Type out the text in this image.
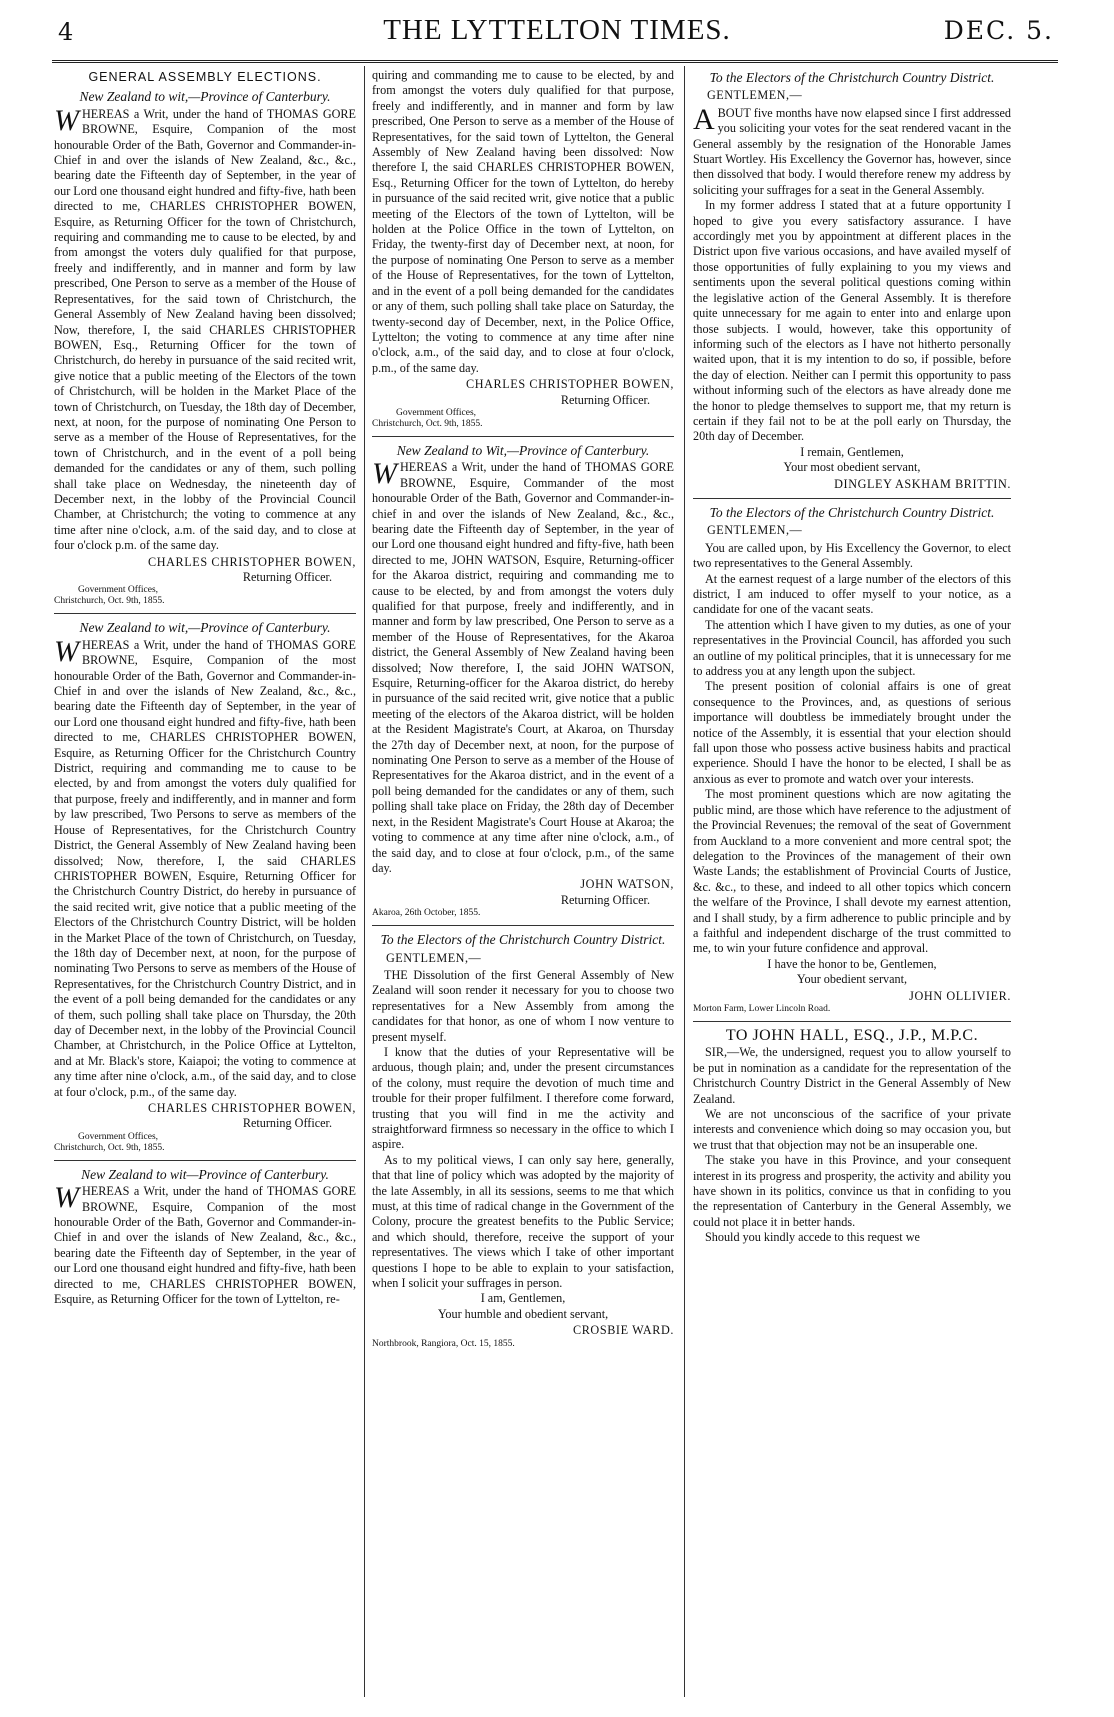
4	THE LYTTELTON TIMES.	DEC. 5.
GENERAL ASSEMBLY ELECTIONS.
New Zealand to wit,—Province of Canterbury.

WHEREAS a Writ, under the hand of THOMAS GORE BROWNE, Esquire, Companion of the most honourable Order of the Bath, Governor and Commander-in-Chief in and over the islands of New Zealand, &c., &c., bearing date the Fifteenth day of September, in the year of our Lord one thousand eight hundred and fifty-five, hath been directed to me, CHARLES CHRISTOPHER BOWEN, Esquire, as Returning Officer for the town of Christchurch, requiring and commanding me to cause to be elected, by and from amongst the voters duly qualified for that purpose, freely and indifferently, and in manner and form by law prescribed, One Person to serve as a member of the House of Representatives, for the said town of Christchurch, the General Assembly of New Zealand having been dissolved; Now, therefore, I, the said CHARLES CHRISTOPHER BOWEN, Esq., Returning Officer for the town of Christchurch, do hereby in pursuance of the said recited writ, give notice that a public meeting of the Electors of the town of Christchurch, will be holden in the Market Place of the town of Christchurch, on Tuesday, the 18th day of December, next, at noon, for the purpose of nominating One Person to serve as a member of the House of Representatives, for the town of Christchurch, and in the event of a poll being demanded for the candidates or any of them, such polling shall take place on Wednesday, the nineteenth day of December next, in the lobby of the Provincial Council Chamber, at Christchurch; the voting to commence at any time after nine o'clock, a.m. of the said day, and to close at four o'clock p.m. of the same day.

CHARLES CHRISTOPHER BOWEN,

Returning Officer.

Government Offices,

Christchurch, Oct. 9th, 1855.

New Zealand to wit,—Province of Canterbury.

WHEREAS a Writ, under the hand of THOMAS GORE BROWNE, Esquire, Companion of the most honourable Order of the Bath, Governor and Commander-in-Chief in and over the islands of New Zealand, &c., &c., bearing date the Fifteenth day of September, in the year of our Lord one thousand eight hundred and fifty-five, hath been directed to me, CHARLES CHRISTOPHER BOWEN, Esquire, as Returning Officer for the Christchurch Country District, requiring and commanding me to cause to be elected, by and from amongst the voters duly qualified for that purpose, freely and indifferently, and in manner and form by law prescribed, Two Persons to serve as members of the House of Representatives, for the Christchurch Country District, the General Assembly of New Zealand having been dissolved; Now, therefore, I, the said CHARLES CHRISTOPHER BOWEN, Esquire, Returning Officer for the Christchurch Country District, do hereby in pursuance of the said recited writ, give notice that a public meeting of the Electors of the Christchurch Country District, will be holden in the Market Place of the town of Christchurch, on Tuesday, the 18th day of December next, at noon, for the purpose of nominating Two Persons to serve as members of the House of Representatives, for the Christchurch Country District, and in the event of a poll being demanded for the candidates or any of them, such polling shall take place on Thursday, the 20th day of December next, in the lobby of the Provincial Council Chamber, at Christchurch, in the Police Office at Lyttelton, and at Mr. Black's store, Kaiapoi; the voting to commence at any time after nine o'clock, a.m., of the said day, and to close at four o'clock, p.m., of the same day.

CHARLES CHRISTOPHER BOWEN,

Returning Officer.

Government Offices,

Christchurch, Oct. 9th, 1855.

New Zealand to wit—Province of Canterbury.

WHEREAS a Writ, under the hand of THOMAS GORE BROWNE, Esquire, Companion of the most honourable Order of the Bath, Governor and Commander-in-Chief in and over the islands of New Zealand, &c., &c., bearing date the Fifteenth day of September, in the year of our Lord one thousand eight hundred and fifty-five, hath been directed to me, CHARLES CHRISTOPHER BOWEN, Esquire, as Returning Officer for the town of Lyttelton, re-

quiring and commanding me to cause to be elected, by and from amongst the voters duly qualified for that purpose, freely and indifferently, and in manner and form by law prescribed, One Person to serve as a member of the House of Representatives, for the said town of Lyttelton, the General Assembly of New Zealand having been dissolved: Now therefore I, the said CHARLES CHRISTOPHER BOWEN, Esq., Returning Officer for the town of Lyttelton, do hereby in pursuance of the said recited writ, give notice that a public meeting of the Electors of the town of Lyttelton, will be holden at the Police Office in the town of Lyttelton, on Friday, the twenty-first day of December next, at noon, for the purpose of nominating One Person to serve as a member of the House of Representatives, for the town of Lyttelton, and in the event of a poll being demanded for the candidates or any of them, such polling shall take place on Saturday, the twenty-second day of December, next, in the Police Office, Lyttelton; the voting to commence at any time after nine o'clock, a.m., of the said day, and to close at four o'clock, p.m., of the same day.

CHARLES CHRISTOPHER BOWEN,

Returning Officer.

Government Offices,

Christchurch, Oct. 9th, 1855.

New Zealand to Wit,—Province of Canterbury.

WHEREAS a Writ, under the hand of THOMAS GORE BROWNE, Esquire, Commander of the most honourable Order of the Bath, Governor and Commander-in-chief in and over the islands of New Zealand, &c., &c., bearing date the Fifteenth day of September, in the year of our Lord one thousand eight hundred and fifty-five, hath been directed to me, JOHN WATSON, Esquire, Returning-officer for the Akaroa district, requiring and commanding me to cause to be elected, by and from amongst the voters duly qualified for that purpose, freely and indifferently, and in manner and form by law prescribed, One Person to serve as a member of the House of Representatives, for the Akaroa district, the General Assembly of New Zealand having been dissolved; Now therefore, I, the said JOHN WATSON, Esquire, Returning-officer for the Akaroa district, do hereby in pursuance of the said recited writ, give notice that a public meeting of the electors of the Akaroa district, will be holden at the Resident Magistrate's Court, at Akaroa, on Thursday the 27th day of December next, at noon, for the purpose of nominating One Person to serve as a member of the House of Representatives for the Akaroa district, and in the event of a poll being demanded for the candidates or any of them, such polling shall take place on Friday, the 28th day of December next, in the Resident Magistrate's Court House at Akaroa; the voting to commence at any time after nine o'clock, a.m., of the said day, and to close at four o'clock, p.m., of the same day.

JOHN WATSON,

Returning Officer.

Akaroa, 26th October, 1855.

To the Electors of the Christchurch Country District.

GENTLEMEN,—

THE Dissolution of the first General Assembly of New Zealand will soon render it necessary for you to choose two representatives for a New Assembly from among the candidates for that honor, as one of whom I now venture to present myself.

I know that the duties of your Representative will be arduous, though plain; and, under the present circumstances of the colony, must require the devotion of much time and trouble for their proper fulfilment. I therefore come forward, trusting that you will find in me the activity and straightforward firmness so necessary in the office to which I aspire.

As to my political views, I can only say here, generally, that that line of policy which was adopted by the majority of the late Assembly, in all its sessions, seems to me that which must, at this time of radical change in the Government of the Colony, procure the greatest benefits to the Public Service; and which should, therefore, receive the support of your representatives. The views which I take of other important questions I hope to be able to explain to your satisfaction, when I solicit your suffrages in person.

I am, Gentlemen,

Your humble and obedient servant,

CROSBIE WARD.

Northbrook, Rangiora, Oct. 15, 1855.

To the Electors of the Christchurch Country District.

GENTLEMEN,—

ABOUT five months have now elapsed since I first addressed you soliciting your votes for the seat rendered vacant in the General assembly by the resignation of the Honorable James Stuart Wortley. His Excellency the Governor has, however, since then dissolved that body. I would therefore renew my address by soliciting your suffrages for a seat in the General Assembly.

In my former address I stated that at a future opportunity I hoped to give you every satisfactory assurance. I have accordingly met you by appointment at different places in the District upon five various occasions, and have availed myself of those opportunities of fully explaining to you my views and sentiments upon the several political questions coming within the legislative action of the General Assembly. It is therefore quite unnecessary for me again to enter into and enlarge upon those subjects. I would, however, take this opportunity of informing such of the electors as I have not hitherto personally waited upon, that it is my intention to do so, if possible, before the day of election. Neither can I permit this opportunity to pass without informing such of the electors as have already done me the honor to pledge themselves to support me, that my return is certain if they fail not to be at the poll early on Thursday, the 20th day of December.

I remain, Gentlemen,

Your most obedient servant,

DINGLEY ASKHAM BRITTIN.

To the Electors of the Christchurch Country District.

GENTLEMEN,—

You are called upon, by His Excellency the Governor, to elect two representatives to the General Assembly.

At the earnest request of a large number of the electors of this district, I am induced to offer myself to your notice, as a candidate for one of the vacant seats.

The attention which I have given to my duties, as one of your representatives in the Provincial Council, has afforded you such an outline of my political principles, that it is unnecessary for me to address you at any length upon the subject.

The present position of colonial affairs is one of great consequence to the Provinces, and, as questions of serious importance will doubtless be immediately brought under the notice of the Assembly, it is essential that your election should fall upon those who possess active business habits and practical experience. Should I have the honor to be elected, I shall be as anxious as ever to promote and watch over your interests.

The most prominent questions which are now agitating the public mind, are those which have reference to the adjustment of the Provincial Revenues; the removal of the seat of Government from Auckland to a more convenient and more central spot; the delegation to the Provinces of the management of their own Waste Lands; the establishment of Provincial Courts of Justice, &c. &c., to these, and indeed to all other topics which concern the welfare of the Province, I shall devote my earnest attention, and I shall study, by a firm adherence to public principle and by a faithful and independent discharge of the trust committed to me, to win your future confidence and approval.

I have the honor to be, Gentlemen,

Your obedient servant,

JOHN OLLIVIER.

Morton Farm, Lower Lincoln Road.

TO JOHN HALL, ESQ., J.P., M.P.C.

SIR,—We, the undersigned, request you to allow yourself to be put in nomination as a candidate for the representation of the Christchurch Country District in the General Assembly of New Zealand.

We are not unconscious of the sacrifice of your private interests and convenience which doing so may occasion you, but we trust that that objection may not be an insuperable one.

The stake you have in this Province, and your consequent interest in its progress and prosperity, the activity and ability you have shown in its politics, convince us that in confiding to you the representation of Canterbury in the General Assembly, we could not place it in better hands.

Should you kindly accede to this request we
